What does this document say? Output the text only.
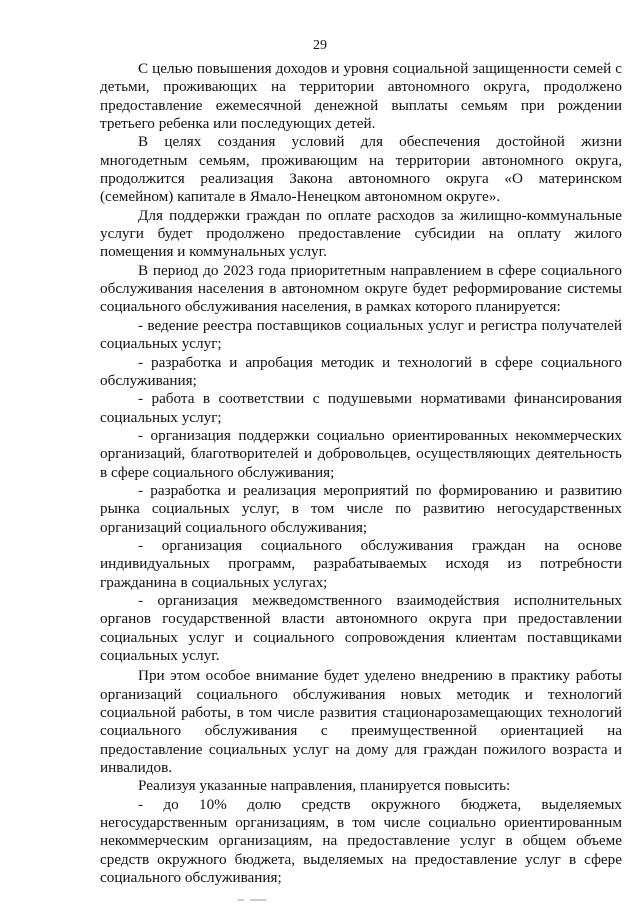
29

С целью повышения доходов и уровня социальной защищенности семей с детьми, проживающих на территории автономного округа, продолжено предоставление ежемесячной денежной выплаты семьям при рождении третьего ребенка или последующих детей.

В целях создания условий для обеспечения достойной жизни многодетным семьям, проживающим на территории автономного округа, продолжится реализация Закона автономного округа «О материнском (семейном) капитале в Ямало-Ненецком автономном округе».

Для поддержки граждан по оплате расходов за жилищно-коммунальные услуги будет продолжено предоставление субсидии на оплату жилого помещения и коммунальных услуг.

В период до 2023 года приоритетным направлением в сфере социального обслуживания населения в автономном округе будет реформирование системы социального обслуживания населения, в рамках которого планируется:

- ведение реестра поставщиков социальных услуг и регистра получателей социальных услуг;

- разработка и апробация методик и технологий в сфере социального обслуживания;

- работа в соответствии с подушевыми нормативами финансирования социальных услуг;

- организация поддержки социально ориентированных некоммерческих организаций, благотворителей и добровольцев, осуществляющих деятельность в сфере социального обслуживания;

- разработка и реализация мероприятий по формированию и развитию рынка социальных услуг, в том числе по развитию негосударственных организаций социального обслуживания;

- организация социального обслуживания граждан на основе индивидуальных программ, разрабатываемых исходя из потребности гражданина в социальных услугах;

- организация межведомственного взаимодействия исполнительных органов государственной власти автономного округа при предоставлении социальных услуг и социального сопровождения клиентам поставщиками социальных услуг.

При этом особое внимание будет уделено внедрению в практику работы организаций социального обслуживания новых методик и технологий социальной работы, в том числе развития стационарозамещающих технологий социального обслуживания с преимущественной ориентацией на предоставление социальных услуг на дому для граждан пожилого возраста и инвалидов.

Реализуя указанные направления, планируется повысить:

- до 10% долю средств окружного бюджета, выделяемых негосударственным организациям, в том числе социально ориентированным некоммерческим организациям, на предоставление услуг в общем объеме средств окружного бюджета, выделяемых на предоставление услуг в сфере социального обслуживания;
